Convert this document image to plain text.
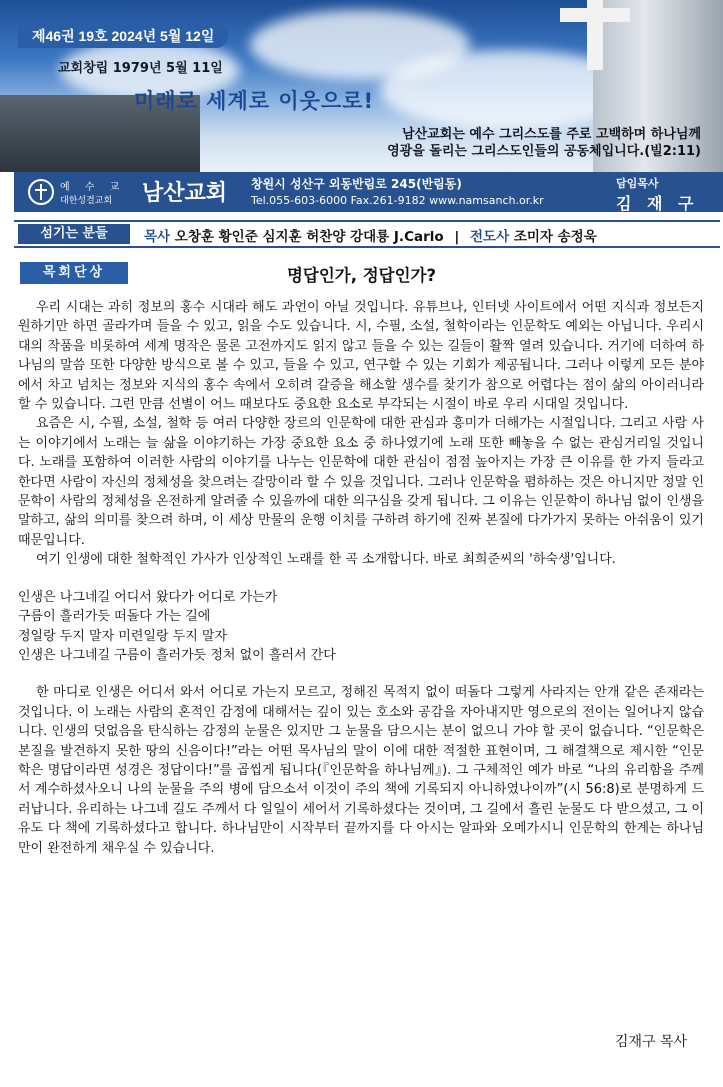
제46권 19호 2024년 5월 12일
교회창립 1979년 5월 11일
미래로 세계로 이웃으로!
남산교회는 예수 그리스도를 주로 고백하며 하나님께
영광을 돌리는 그리스도인들의 공동체입니다.(빌2:11)
예 수 교
대한성결교회 남산교회 창원시 성산구 외동반림로 245(반림동)
Tel.055-603-6000 Fax.261-9182 www.namsanch.or.kr
담임목사
김 재 구
섬기는 분들	목사 오창훈 황인준 심지훈 허찬양 강대룡 J.Carlo | 전도사 조미자 송정욱
명답인가, 정답인가?
목회단상

우리 시대는 과히 정보의 홍수 시대라 해도 과언이 아닐 것입니다. 유튜브나, 인터넷 사이트에서 어떤 지식과 정보든지 원하기만 하면 골라가며 들을 수 있고, 읽을 수도 있습니다. 시, 수필, 소설, 철학이라는 인문학도 예외는 아닙니다. 우리시대의 작품을 비롯하여 세계 명작은 물론 고전까지도 읽지 않고 들을 수 있는 길들이 활짝 열려 있습니다. 거기에 더하여 하나님의 말씀 또한 다양한 방식으로 볼 수 있고, 들을 수 있고, 연구할 수 있는 기회가 제공됩니다. 그러나 이렇게 모든 분야에서 차고 넘치는 정보와 지식의 홍수 속에서 오히려 갈증을 해소할 생수를 찾기가 참으로 어렵다는 점이 삶의 아이러니라 할 수 있습니다. 그런 만큼 선별이 어느 때보다도 중요한 요소로 부각되는 시절이 바로 우리 시대일 것입니다.

요즘은 시, 수필, 소설, 철학 등 여러 다양한 장르의 인문학에 대한 관심과 흥미가 더해가는 시절입니다. 그리고 사람 사는 이야기에서 노래는 늘 삶을 이야기하는 가장 중요한 요소 중 하나였기에 노래 또한 빼놓을 수 없는 관심거리일 것입니다. 노래를 포함하여 이러한 사람의 이야기를 나누는 인문학에 대한 관심이 점점 높아지는 가장 큰 이유를 한 가지 들라고 한다면 사람이 자신의 정체성을 찾으려는 갈망이라 할 수 있을 것입니다. 그러나 인문학을 폄하하는 것은 아니지만 정말 인문학이 사람의 정체성을 온전하게 알려줄 수 있을까에 대한 의구심을 갖게 됩니다. 그 이유는 인문학이 하나님 없이 인생을 말하고, 삶의 의미를 찾으려 하며, 이 세상 만물의 운행 이치를 구하려 하기에 진짜 본질에 다가가지 못하는 아쉬움이 있기 때문입니다.

여기 인생에 대한 철학적인 가사가 인상적인 노래를 한 곡 소개합니다. 바로 최희준씨의 '하숙생'입니다.

인생은 나그네길 어디서 왔다가 어디로 가는가
구름이 흘러가듯 떠돌다 가는 길에
정일랑 두지 말자 미련일랑 두지 말자
인생은 나그네길 구름이 흘러가듯 정처 없이 흘러서 간다

한 마디로 인생은 어디서 와서 어디로 가는지 모르고, 정해진 목적지 없이 떠돌다 그렇게 사라지는 안개 같은 존재라는 것입니다. 이 노래는 사람의 혼적인 감정에 대해서는 깊이 있는 호소와 공감을 자아내지만 영으로의 전이는 일어나지 않습니다. 인생의 덧없음을 탄식하는 감정의 눈물은 있지만 그 눈물을 담으시는 분이 없으니 가야 할 곳이 없습니다. “인문학은 본질을 발견하지 못한 땅의 신음이다!”라는 어떤 목사님의 말이 이에 대한 적절한 표현이며, 그 해결책으로 제시한 “인문학은 명답이라면 성경은 정답이다!”를 곱씹게 됩니다(『인문학을 하나님께』). 그 구체적인 예가 바로 “나의 유리함을 주께서 계수하셨사오니 나의 눈물을 주의 병에 담으소서 이것이 주의 책에 기록되지 아니하였나이까”(시 56:8)로 분명하게 드러납니다. 유리하는 나그네 길도 주께서 다 일일이 세어서 기록하셨다는 것이며, 그 길에서 흘린 눈물도 다 받으셨고, 그 이유도 다 책에 기록하셨다고 합니다. 하나님만이 시작부터 끝까지를 다 아시는 알파와 오메가시니 인문학의 한계는 하나님만이 완전하게 채우실 수 있습니다.

김재구 목사
